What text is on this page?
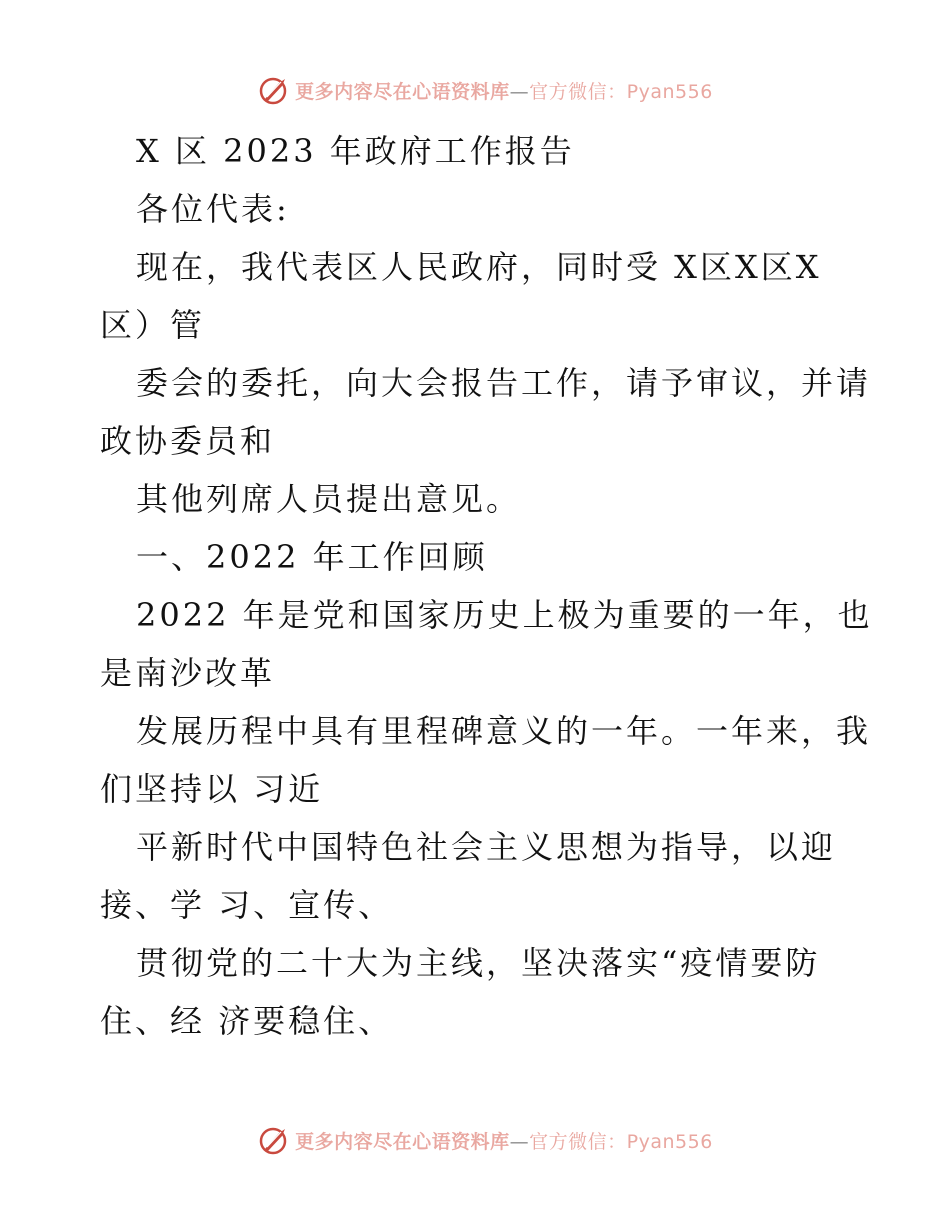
更多内容尽在心语资料库—官方微信：Pyan556
X 区 2023 年政府工作报告
各位代表:
现在，我代表区人民政府，同时受 X区X区X
区）管
委会的委托，向大会报告工作，请予审议，并请
政协委员和
其他列席人员提出意见。
一、2022 年工作回顾
2022 年是党和国家历史上极为重要的一年，也
是南沙改革
发展历程中具有里程碑意义的一年。一年来，我
们坚持以 习近
平新时代中国特色社会主义思想为指导，以迎
接、学 习、宣传、
贯彻党的二十大为主线，坚决落实“疫情要防
住、经 济要稳住、
更多内容尽在心语资料库—官方微信：Pyan556
